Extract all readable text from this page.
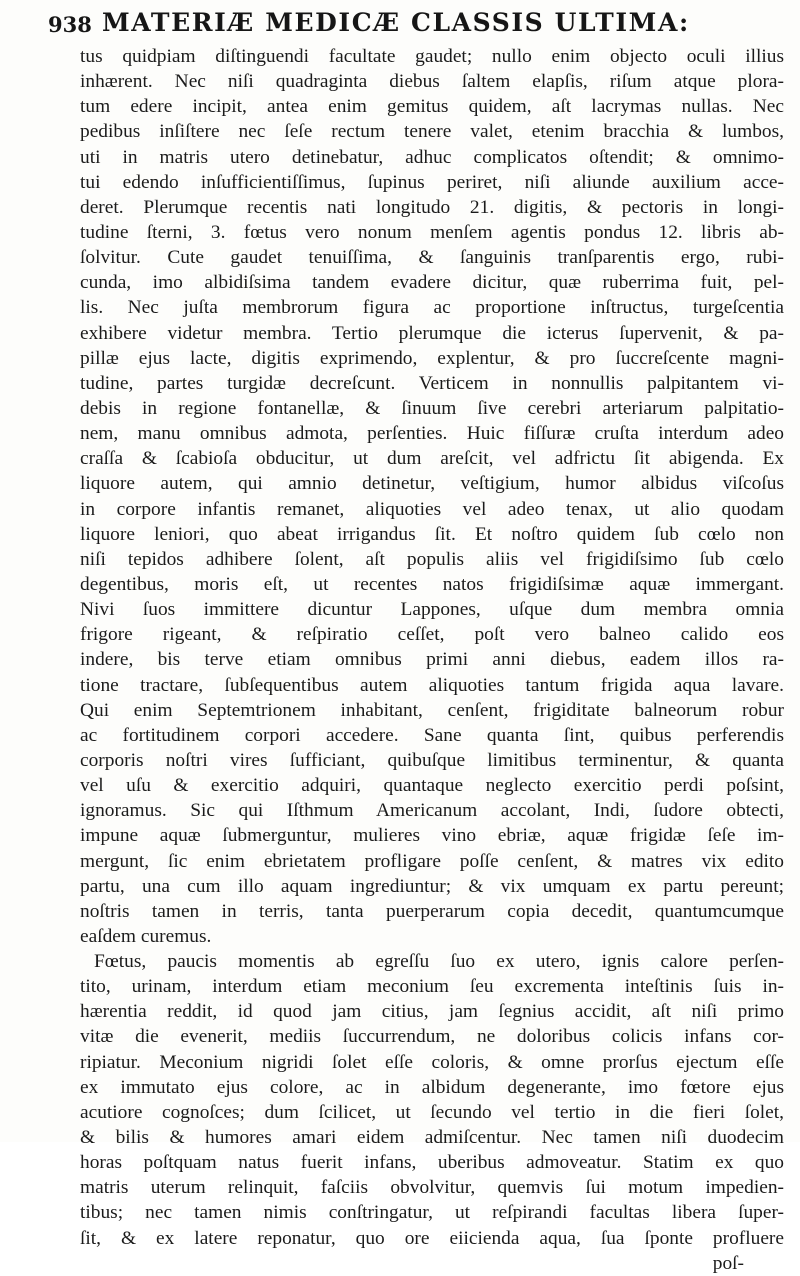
938 MATERIÆ MEDICÆ CLASSIS ULTIMA:
tus quidpiam diſtinguendi facultate gaudet; nullo enim objecto oculi illius
inhærent. Nec niſi quadraginta diebus ſaltem elapſis, riſum atque plora-
tum edere incipit, antea enim gemitus quidem, aſt lacrymas nullas. Nec
pedibus inſiſtere nec ſeſe rectum tenere valet, etenim bracchia & lumbos,
uti in matris utero detinebatur, adhuc complicatos oſtendit; & omnimo-
tui edendo inſufficientiſſimus, ſupinus periret, niſi aliunde auxilium acce-
deret. Plerumque recentis nati longitudo 21. digitis, & pectoris in longi-
tudine ſterni, 3. fœtus vero nonum menſem agentis pondus 12. libris ab-
ſolvitur. Cute gaudet tenuiſſima, & ſanguinis tranſparentis ergo, rubi-
cunda, imo albidiſsima tandem evadere dicitur, quæ ruberrima fuit, pel-
lis. Nec juſta membrorum figura ac proportione inſtructus, turgeſcentia
exhibere videtur membra. Tertio plerumque die icterus ſupervenit, & pa-
pillæ ejus lacte, digitis exprimendo, explentur, & pro ſuccreſcente magni-
tudine, partes turgidæ decreſcunt. Verticem in nonnullis palpitantem vi-
debis in regione fontanellæ, & ſinuum ſive cerebri arteriarum palpitatio-
nem, manu omnibus admota, perſenties. Huic fiſſuræ cruſta interdum adeo
craſſa & ſcabioſa obducitur, ut dum areſcit, vel adfrictu ſit abigenda. Ex
liquore autem, qui amnio detinetur, veſtigium, humor albidus viſcoſus
in corpore infantis remanet, aliquoties vel adeo tenax, ut alio quodam
liquore leniori, quo abeat irrigandus ſit. Et noſtro quidem ſub cœlo non
niſi tepidos adhibere ſolent, aſt populis aliis vel frigidiſsimo ſub cœlo
degentibus, moris eſt, ut recentes natos frigidiſsimæ aquæ immergant.
Nivi ſuos immittere dicuntur Lappones, uſque dum membra omnia
frigore rigeant, & reſpiratio ceſſet, poſt vero balneo calido eos
indere, bis terve etiam omnibus primi anni diebus, eadem illos ra-
tione tractare, ſubſequentibus autem aliquoties tantum frigida aqua lavare.
Qui enim Septemtrionem inhabitant, cenſent, frigiditate balneorum robur
ac fortitudinem corpori accedere. Sane quanta ſint, quibus perferendis
corporis noſtri vires ſufficiant, quibuſque limitibus terminentur, & quanta
vel uſu & exercitio adquiri, quantaque neglecto exercitio perdi poſsint,
ignoramus. Sic qui Iſthmum Americanum accolant, Indi, ſudore obtecti,
impune aquæ ſubmerguntur, mulieres vino ebriæ, aquæ frigidæ ſeſe im-
mergunt, ſic enim ebrietatem profligare poſſe cenſent, & matres vix edito
partu, una cum illo aquam ingrediuntur; & vix umquam ex partu pereunt;
noſtris tamen in terris, tanta puerperarum copia decedit, quantumcumque
eaſdem curemus.
Fœtus, paucis momentis ab egreſſu ſuo ex utero, ignis calore perſen-
tito, urinam, interdum etiam meconium ſeu excrementa inteſtinis ſuis in-
hærentia reddit, id quod jam citius, jam ſegnius accidit, aſt niſi primo
vitæ die evenerit, mediis ſuccurrendum, ne doloribus colicis infans cor-
ripiatur. Meconium nigridi ſolet eſſe coloris, & omne prorſus ejectum eſſe
ex immutato ejus colore, ac in albidum degenerante, imo fœtore ejus
acutiore cognoſces; dum ſcilicet, ut ſecundo vel tertio in die fieri ſolet,
& bilis & humores amari eidem admiſcentur. Nec tamen niſi duodecim
horas poſtquam natus fuerit infans, uberibus admoveatur. Statim ex quo
matris uterum relinquit, faſciis obvolvitur, quemvis ſui motum impedien-
tibus; nec tamen nimis conſtringatur, ut reſpirandi facultas libera ſuper-
ſit, & ex latere reponatur, quo ore eiicienda aqua, ſua ſponte profluere
poſ-
